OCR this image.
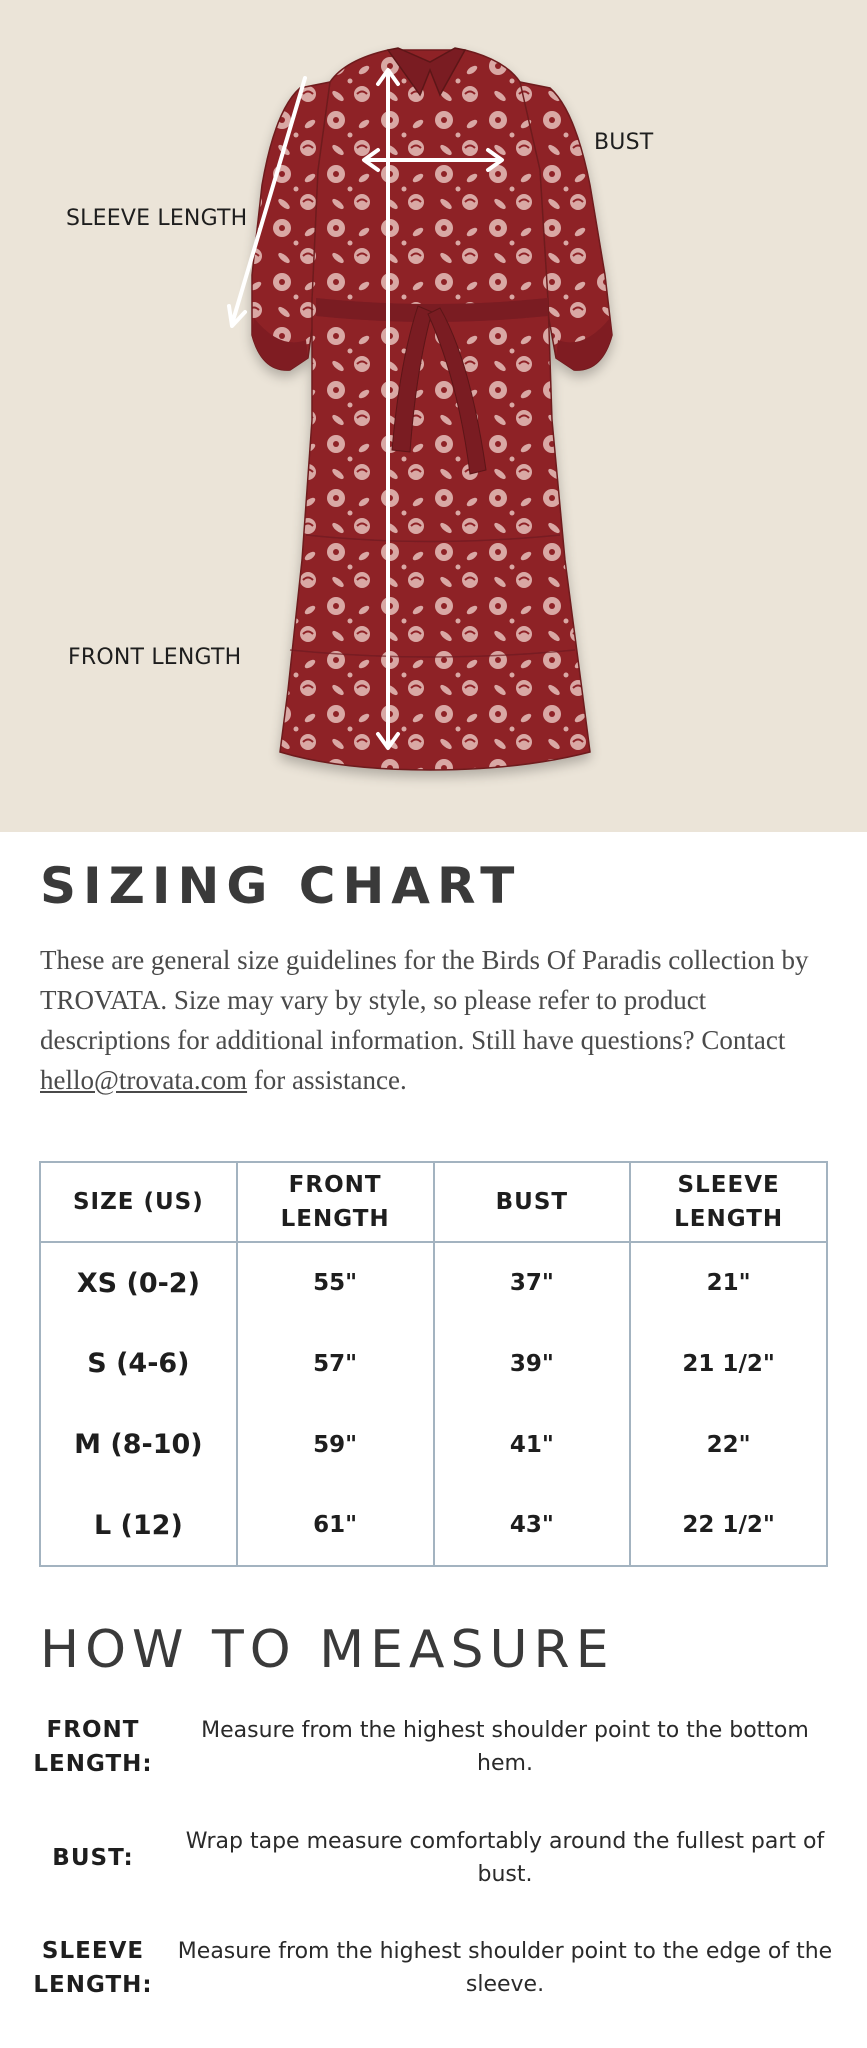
BUST
SLEEVE LENGTH
FRONT LENGTH
SIZING CHART

These are general size guidelines for the Birds Of Paradis collection by TROVATA. Size may vary by style, so please refer to product descriptions for additional information. Still have questions? Contact hello@trovata.com for assistance.

SIZE (US)	FRONT LENGTH	BUST	SLEEVE LENGTH
XS (0-2)	55"	37"	21"
S (4-6)	57"	39"	21 1/2"
M (8-10)	59"	41"	22"
L (12)	61"	43"	22 1/2"
HOW TO MEASURE
FRONT LENGTH:
Measure from the highest shoulder point to the bottom hem.
BUST:
Wrap tape measure comfortably around the fullest part of bust.
SLEEVE LENGTH:
Measure from the highest shoulder point to the edge of the sleeve.
